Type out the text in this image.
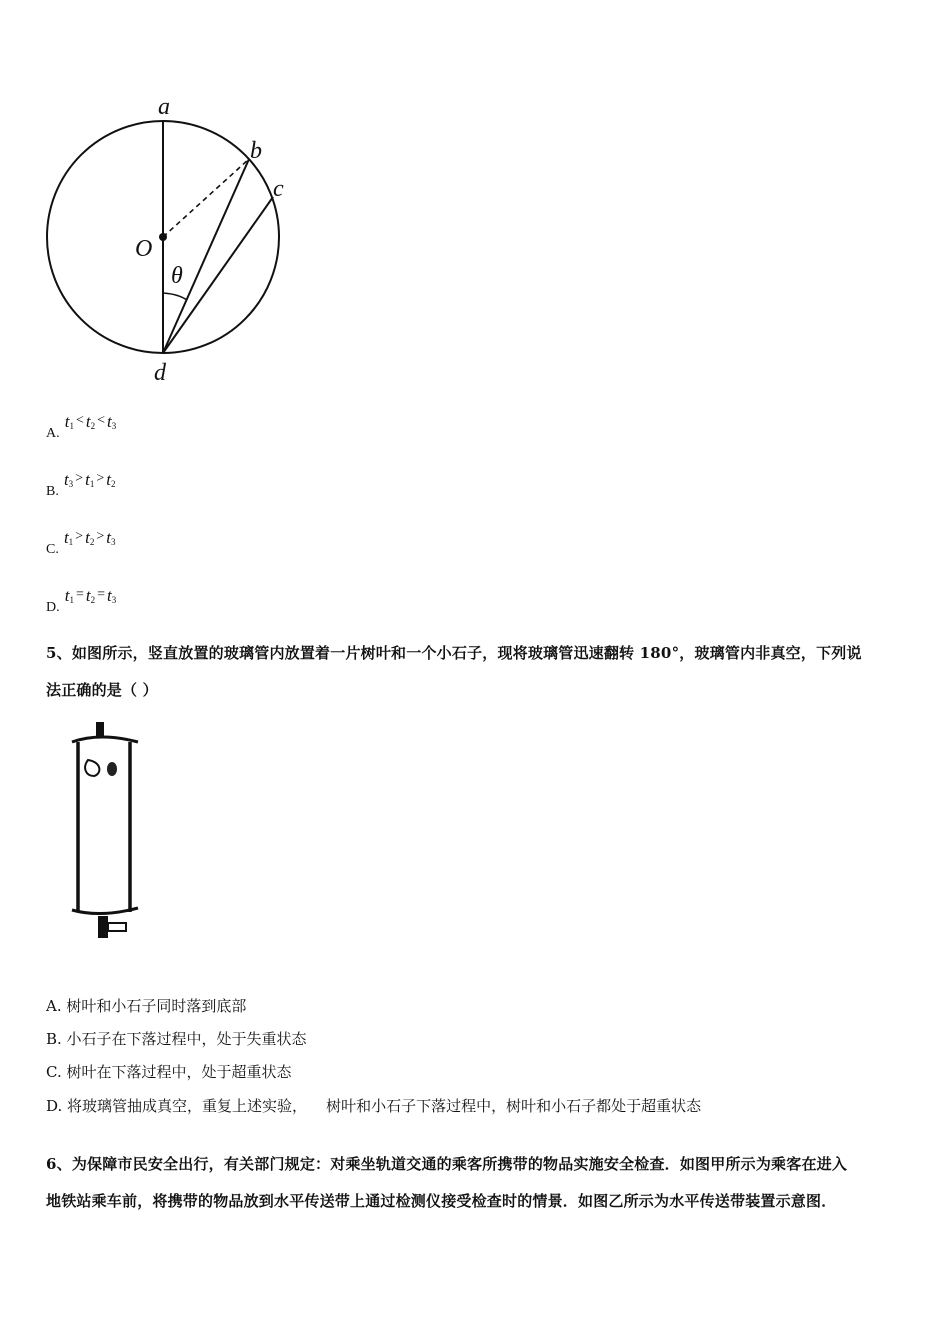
a
b
c
O
θ
d
A. $t_1 < t_2 < t_3$
B. $t_3 > t_1 > t_2$
C. $t_1 > t_2 > t_3$
D. $t_1 = t_2 = t_3$
5、如图所示，竖直放置的玻璃管内放置着一片树叶和一个小石子，现将玻璃管迅速翻转 180°，玻璃管内非真空，下列说
法正确的是（ ）
A. 树叶和小石子同时落到底部
B. 小石子在下落过程中，处于失重状态
C. 树叶在下落过程中，处于超重状态
D. 将玻璃管抽成真空，重复上述实验，    树叶和小石子下落过程中，树叶和小石子都处于超重状态
6、为保障市民安全出行，有关部门规定：对乘坐轨道交通的乘客所携带的物品实施安全检查．如图甲所示为乘客在进入
地铁站乘车前，将携带的物品放到水平传送带上通过检测仪接受检查时的情景．如图乙所示为水平传送带装置示意图．
